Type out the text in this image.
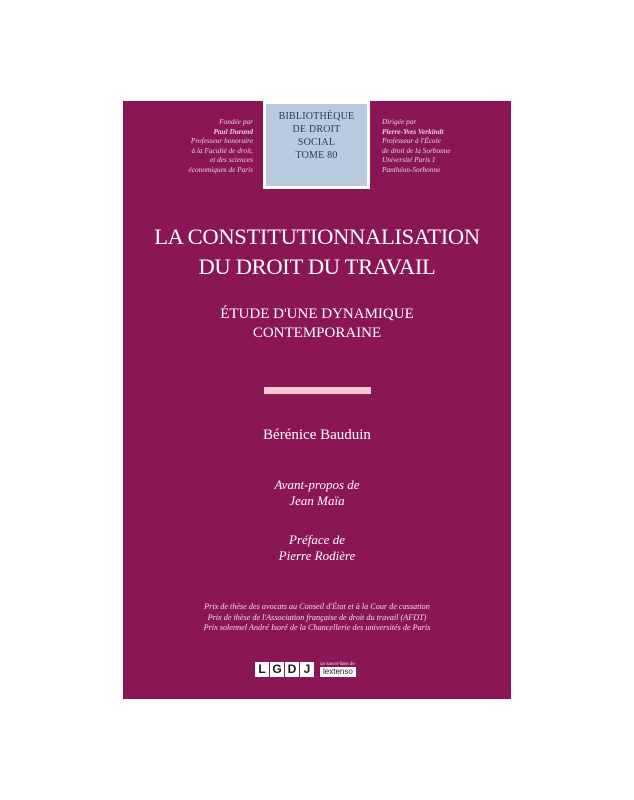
Fondée par
Paul Durand
Professeur honoraire
à la Faculté de droit,
et des sciences
économiques de Paris
BIBLIOTHÈQUE
DE DROIT
SOCIAL
TOME 80
Dirigée par
Pierre-Yves Verkindt
Professeur à l'École
de droit de la Sorbonne
Université Paris 1
Panthéon-Sorbonne
LA CONSTITUTIONNALISATION
DU DROIT DU TRAVAIL
ÉTUDE D'UNE DYNAMIQUE
CONTEMPORAINE
Bérénice Bauduin
Avant-propos de
Jean Maïa
Préface de
Pierre Rodière
Prix de thèse des avocats au Conseil d'État et à la Cour de cassation
Prix de thèse de l'Association française de droit du travail (AFDT)
Prix solennel André Isoré de la Chancellerie des universités de Paris
L G D J	un savoir-faire de
lextenso
